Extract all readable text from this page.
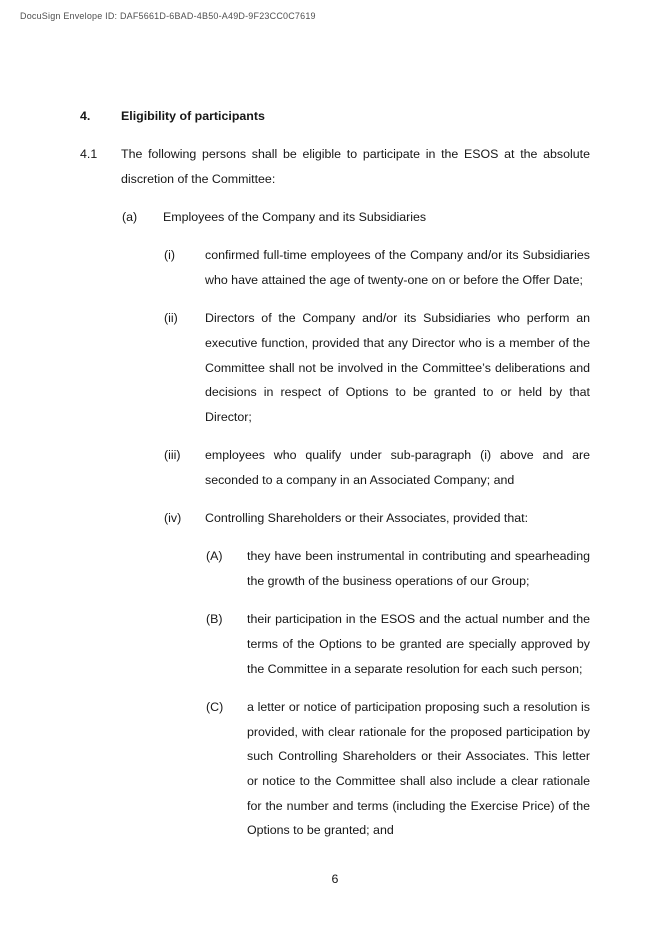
DocuSign Envelope ID: DAF5661D-6BAD-4B50-A49D-9F23CC0C7619
4.	Eligibility of participants
4.1	The following persons shall be eligible to participate in the ESOS at the absolute discretion of the Committee:
(a)	Employees of the Company and its Subsidiaries
(i)	confirmed full-time employees of the Company and/or its Subsidiaries who have attained the age of twenty-one on or before the Offer Date;
(ii)	Directors of the Company and/or its Subsidiaries who perform an executive function, provided that any Director who is a member of the Committee shall not be involved in the Committee’s deliberations and decisions in respect of Options to be granted to or held by that Director;
(iii)	employees who qualify under sub-paragraph (i) above and are seconded to a company in an Associated Company; and
(iv)	Controlling Shareholders or their Associates, provided that:
(A)	they have been instrumental in contributing and spearheading the growth of the business operations of our Group;
(B)	their participation in the ESOS and the actual number and the terms of the Options to be granted are specially approved by the Committee in a separate resolution for each such person;
(C)	a letter or notice of participation proposing such a resolution is provided, with clear rationale for the proposed participation by such Controlling Shareholders or their Associates. This letter or notice to the Committee shall also include a clear rationale for the number and terms (including the Exercise Price) of the Options to be granted; and
6
